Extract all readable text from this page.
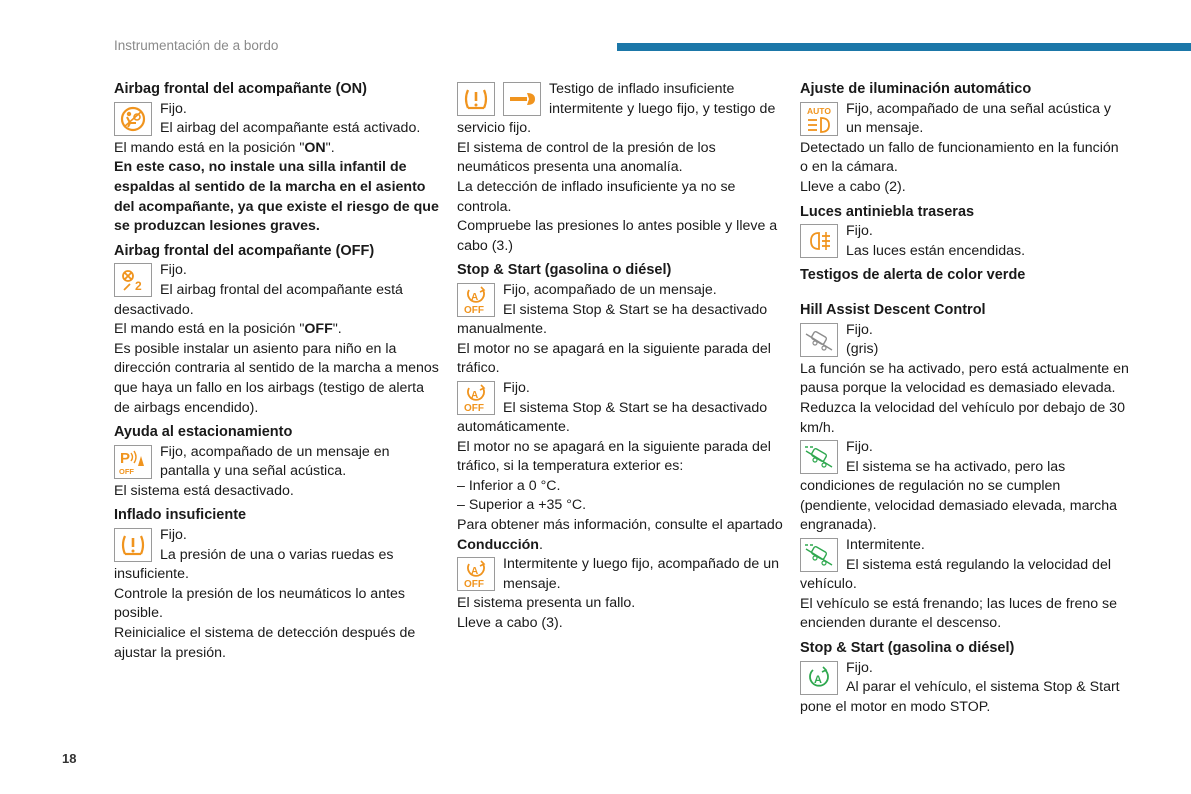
Instrumentación de a bordo

Airbag frontal del acompañante (ON)

Fijo.

El airbag del acompañante está activado.

El mando está en la posición "ON".

En este caso, no instale una silla infantil de espaldas al sentido de la marcha en el asiento del acompañante, ya que existe el riesgo de que se produzcan lesiones graves.

Airbag frontal del acompañante (OFF)

2

Fijo.

El airbag frontal del acompañante está desactivado.

El mando está en la posición "OFF".

Es posible instalar un asiento para niño en la dirección contraria al sentido de la marcha a menos que haya un fallo en los airbags (testigo de alerta de airbags encendido).

Ayuda al estacionamiento

P
OFF

Fijo, acompañado de un mensaje en pantalla y una señal acústica.

El sistema está desactivado.

Inflado insuficiente

Fijo.

La presión de una o varias ruedas es insuficiente.

Controle la presión de los neumáticos lo antes posible.

Reinicialice el sistema de detección después de ajustar la presión.

Testigo de inflado insuficiente intermitente y luego fijo, y testigo de servicio fijo.

El sistema de control de la presión de los neumáticos presenta una anomalía.

La detección de inflado insuficiente ya no se controla.

Compruebe las presiones lo antes posible y lleve a cabo (3.)

Stop & Start (gasolina o diésel)

A
OFF

Fijo, acompañado de un mensaje.

El sistema Stop & Start se ha desactivado manualmente.

El motor no se apagará en la siguiente parada del tráfico.

A
OFF

Fijo.

El sistema Stop & Start se ha desactivado automáticamente.

El motor no se apagará en la siguiente parada del tráfico, si la temperatura exterior es:

– Inferior a 0 °C.

– Superior a +35 °C.

Para obtener más información, consulte el apartado Conducción.

A
OFF

Intermitente y luego fijo, acompañado de un mensaje.

El sistema presenta un fallo.

Lleve a cabo (3).

Ajuste de iluminación automático

AUTO	Fijo, acompañado de una señal acústica y un mensaje.

Detectado un fallo de funcionamiento en la función o en la cámara.

Lleve a cabo (2).

Luces antiniebla traseras

Fijo.

Las luces están encendidas.

Testigos de alerta de color verde

Hill Assist Descent Control

Fijo.

(gris)

La función se ha activado, pero está actualmente en pausa porque la velocidad es demasiado elevada.

Reduzca la velocidad del vehículo por debajo de 30 km/h.

Fijo.

El sistema se ha activado, pero las condiciones de regulación no se cumplen (pendiente, velocidad demasiado elevada, marcha engranada).

Intermitente.

El sistema está regulando la velocidad del vehículo.

El vehículo se está frenando; las luces de freno se encienden durante el descenso.

Stop & Start (gasolina o diésel)

A

Fijo.

Al parar el vehículo, el sistema Stop & Start pone el motor en modo STOP.

18
